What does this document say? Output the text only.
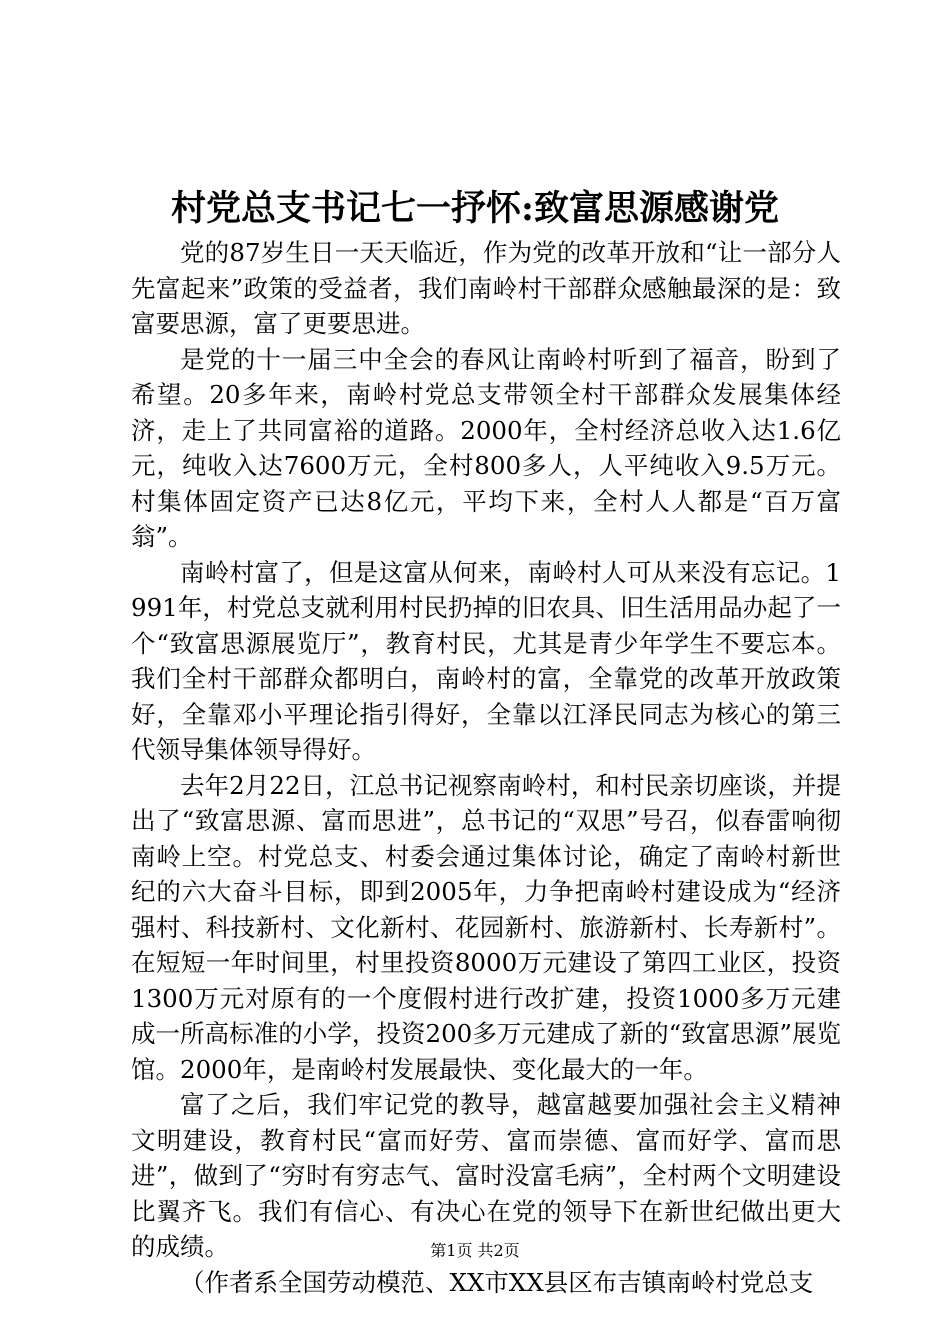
村党总支书记七一抒怀:致富思源感谢党

党的87岁生日一天天临近，作为党的改革开放和“让一部分人先富起来”政策的受益者，我们南岭村干部群众感触最深的是：致富要思源，富了更要思进。

是党的十一届三中全会的春风让南岭村听到了福音，盼到了希望。20多年来，南岭村党总支带领全村干部群众发展集体经济，走上了共同富裕的道路。2000年，全村经济总收入达1.6亿元，纯收入达7600万元，全村800多人，人平纯收入9.5万元。村集体固定资产已达8亿元，平均下来，全村人人都是“百万富翁”。

南岭村富了，但是这富从何来，南岭村人可从来没有忘记。1991年，村党总支就利用村民扔掉的旧农具、旧生活用品办起了一个“致富思源展览厅”，教育村民，尤其是青少年学生不要忘本。我们全村干部群众都明白，南岭村的富，全靠党的改革开放政策好，全靠邓小平理论指引得好，全靠以江泽民同志为核心的第三代领导集体领导得好。

去年2月22日，江总书记视察南岭村，和村民亲切座谈，并提出了“致富思源、富而思进”，总书记的“双思”号召，似春雷响彻南岭上空。村党总支、村委会通过集体讨论，确定了南岭村新世纪的六大奋斗目标，即到2005年，力争把南岭村建设成为“经济强村、科技新村、文化新村、花园新村、旅游新村、长寿新村”。在短短一年时间里，村里投资8000万元建设了第四工业区，投资1300万元对原有的一个度假村进行改扩建，投资1000多万元建成一所高标准的小学，投资200多万元建成了新的“致富思源”展览馆。2000年，是南岭村发展最快、变化最大的一年。

富了之后，我们牢记党的教导，越富越要加强社会主义精神文明建设，教育村民“富而好劳、富而崇德、富而好学、富而思进”，做到了“穷时有穷志气、富时没富毛病”，全村两个文明建设比翼齐飞。我们有信心、有决心在党的领导下在新世纪做出更大的成绩。

（作者系全国劳动模范、XX市XX县区布吉镇南岭村党总支

第1页 共2页
